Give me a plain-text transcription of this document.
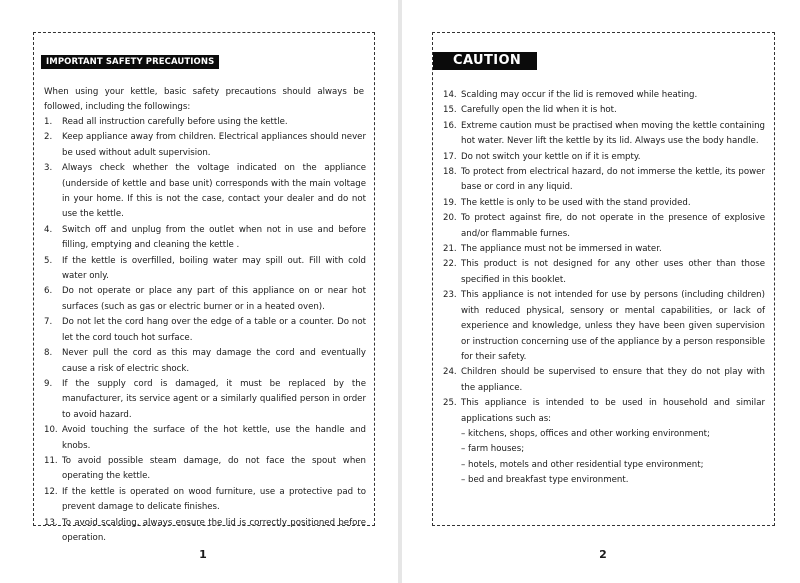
IMPORTANT SAFETY PRECAUTIONS
When using your kettle, basic safety precautions should always be followed, including the followings:
1. Read all instruction carefully before using the kettle.
2. Keep appliance away from children. Electrical appliances should never be used without adult supervision.
3. Always check whether the voltage indicated on the appliance (underside of kettle and base unit) corresponds with the main voltage in your home. If this is not the case, contact your dealer and do not use the kettle.
4. Switch off and unplug from the outlet when not in use and before filling, emptying and cleaning the kettle .
5. If the kettle is overfilled, boiling water may spill out. Fill with cold water only.
6. Do not operate or place any part of this appliance on or near hot surfaces (such as gas or electric burner or in a heated oven).
7. Do not let the cord hang over the edge of a table or a counter. Do not let the cord touch hot surface.
8. Never pull the cord as this may damage the cord and eventually cause a risk of electric shock.
9. If the supply cord is damaged, it must be replaced by the manufacturer, its service agent or a similarly qualified person in order to avoid hazard.
10. Avoid touching the surface of the hot kettle, use the handle and knobs.
11. To avoid possible steam damage, do not face the spout when operating the kettle.
12. If the kettle is operated on wood furniture, use a protective pad to prevent damage to delicate finishes.
13. To avoid scalding, always ensure the lid is correctly positioned before operation.
1
CAUTION
14. Scalding may occur if the lid is removed while heating.
15. Carefully open the lid when it is hot.
16. Extreme caution must be practised when moving the kettle containing hot water. Never lift the kettle by its lid. Always use the body handle.
17. Do not switch your kettle on if it is empty.
18. To protect from electrical hazard, do not immerse the kettle, its power base or cord in any liquid.
19. The kettle is only to be used with the stand provided.
20. To protect against fire, do not operate in the presence of explosive and/or flammable furnes.
21. The appliance must not be immersed in water.
22. This product is not designed for any other uses other than those specified in this booklet.
23. This appliance is not intended for use by persons (including children) with reduced physical, sensory or mental capabilities, or lack of experience and knowledge, unless they have been given supervision or instruction concerning use of the appliance by a person responsible for their safety.
24. Children should be supervised to ensure that they do not play with the appliance.
25. This appliance is intended to be used in household and similar applications such as:
– kitchens, shops, offices and other working environment;
– farm houses;
– hotels, motels and other residential type environment;
– bed and breakfast type environment.
2
